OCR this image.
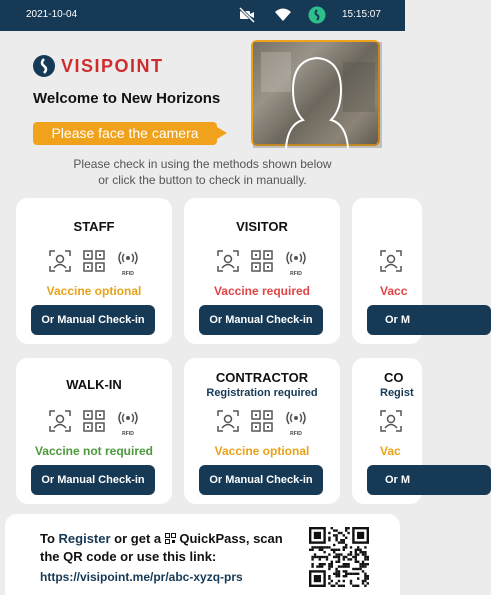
2021-10-04	15:15:07
VISIPOINT
Welcome to New Horizons
Please face the camera
Please check in using the methods shown below
or click the button to check in manually.
STAFF
RFID
Vaccine optional
Or Manual Check-in
VISITOR
RFID
Vaccine required
Or Manual Check-in
Vacc
Or M
WALK-IN
RFID
Vaccine not required
Or Manual Check-in
CONTRACTOR
Registration required
RFID
Vaccine optional
Or Manual Check-in
CO
Regist
Vac
Or M
To Register or get a  QuickPass, scan the QR code or use this link:
https://visipoint.me/pr/abc-xyzq-prs
